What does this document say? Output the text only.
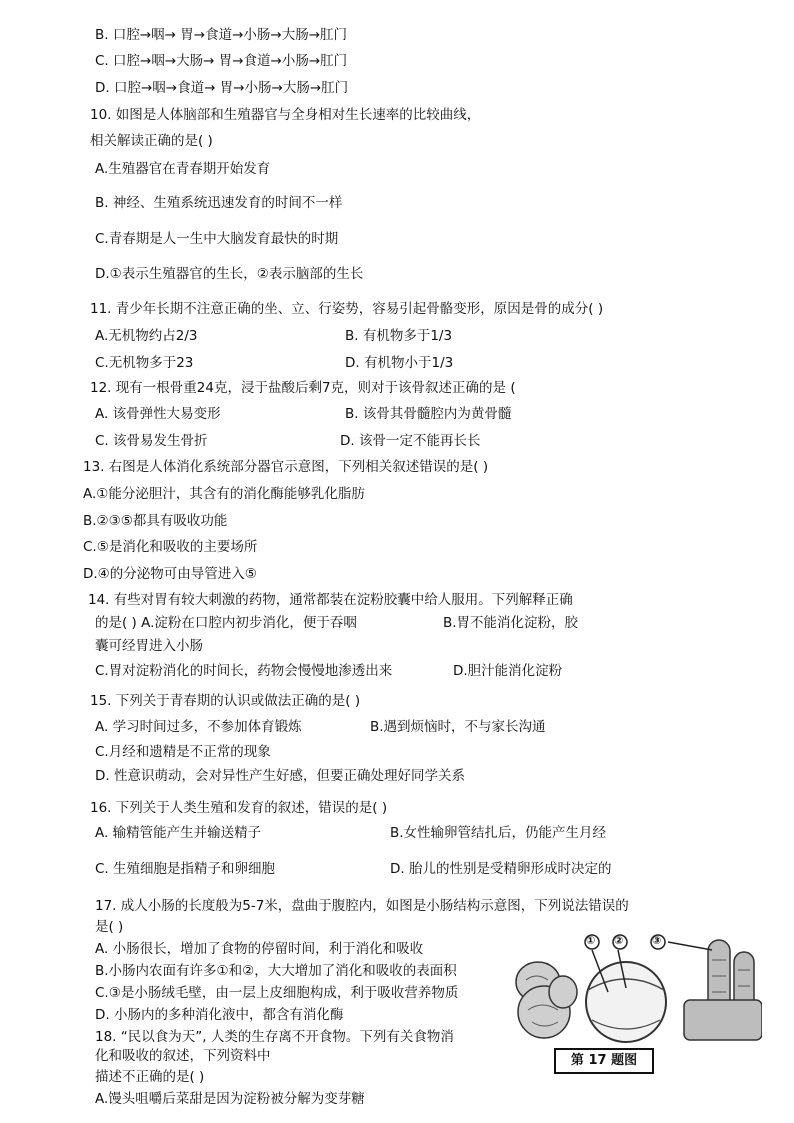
B. 口腔→咽→ 胃→食道→小肠→大肠→肛门
C. 口腔→咽→大肠→ 胃→食道→小肠→肛门
D. 口腔→咽→食道→ 胃→小肠→大肠→肛门
10. 如图是人体脑部和生殖器官与全身相对生长速率的比较曲线，
相关解读正确的是( )
A.生殖器官在青春期开始发育
B. 神经、生殖系统迅速发育的时间不一样
C.青春期是人一生中大脑发育最快的时期
D.①表示生殖器官的生长，②表示脑部的生长
11. 青少年长期不注意正确的坐、立、行姿势，容易引起骨骼变形，原因是骨的成分( )
A.无机物约占2/3	B. 有机物多于1/3
C.无机物多于23	D. 有机物小于1/3
12. 现有一根骨重24克，浸于盐酸后剩7克，则对于该骨叙述正确的是 (
A. 该骨弹性大易变形	B. 该骨其骨髓腔内为黄骨髓
C. 该骨易发生骨折	D. 该骨一定不能再长长
13. 右图是人体消化系统部分器官示意图，下列相关叙述错误的是( )
A.①能分泌胆汁，其含有的消化酶能够乳化脂肪
B.②③⑤都具有吸收功能
C.⑤是消化和吸收的主要场所
D.④的分泌物可由导管进入⑤
14. 有些对胃有较大刺激的药物，通常都装在淀粉胶囊中给人服用。下列解释正确
的是( ) A.淀粉在口腔内初步消化，便于吞咽	B.胃不能消化淀粉，胶
囊可经胃进入小肠
C.胃对淀粉消化的时间长，药物会慢慢地渗透出来	D.胆汁能消化淀粉
15. 下列关于青春期的认识或做法正确的是( )
A. 学习时间过多，不参加体育锻炼	B.遇到烦恼时，不与家长沟通
C.月经和遗精是不正常的现象
D. 性意识萌动，会对异性产生好感，但要正确处理好同学关系
16. 下列关于人类生殖和发育的叙述，错误的是( )
A. 输精管能产生并输送精子	B.女性输卵管结扎后，仍能产生月经
C. 生殖细胞是指精子和卵细胞	D. 胎儿的性别是受精卵形成时决定的
17. 成人小肠的长度般为5-7米，盘曲于腹腔内，如图是小肠结构示意图，下列说法错误的
是( )
A. 小肠很长，增加了食物的停留时间，利于消化和吸收
B.小肠内农面有许多①和②，大大增加了消化和吸收的表面积
C.③是小肠绒毛壁，由一层上皮细胞构成，利于吸收营养物质
D. 小肠内的多种消化液中，都含有消化酶
18. “民以食为天”, 人类的生存离不开食物。下列有关食物消
化和吸收的叙述，下列资料中
描述不正确的是( )
A.馒头咀嚼后菜甜是因为淀粉被分解为变芽糖
① ②	③
第 17 题图
